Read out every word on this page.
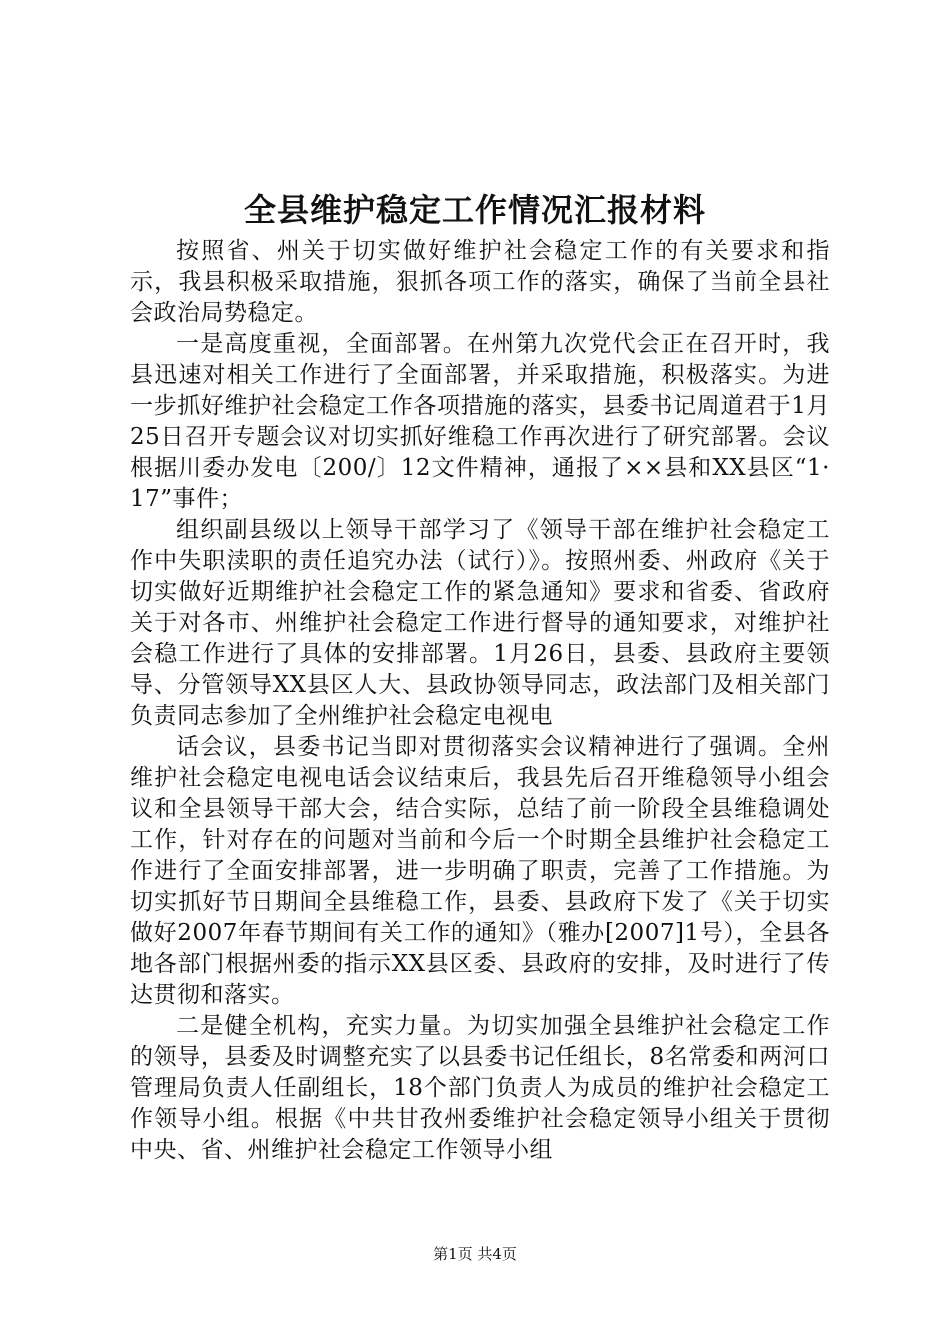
全县维护稳定工作情况汇报材料

按照省、州关于切实做好维护社会稳定工作的有关要求和指示，我县积极采取措施，狠抓各项工作的落实，确保了当前全县社会政治局势稳定。

一是高度重视，全面部署。在州第九次党代会正在召开时，我县迅速对相关工作进行了全面部署，并采取措施，积极落实。为进一步抓好维护社会稳定工作各项措施的落实，县委书记周道君于1月25日召开专题会议对切实抓好维稳工作再次进行了研究部署。会议根据川委办发电〔200/〕12文件精神，通报了××县和XX县区“1·17”事件；

组织副县级以上领导干部学习了《领导干部在维护社会稳定工作中失职渎职的责任追究办法（试行）》。按照州委、州政府《关于切实做好近期维护社会稳定工作的紧急通知》要求和省委、省政府关于对各市、州维护社会稳定工作进行督导的通知要求，对维护社会稳工作进行了具体的安排部署。1月26日，县委、县政府主要领导、分管领导XX县区人大、县政协领导同志，政法部门及相关部门负责同志参加了全州维护社会稳定电视电

话会议，县委书记当即对贯彻落实会议精神进行了强调。全州维护社会稳定电视电话会议结束后，我县先后召开维稳领导小组会议和全县领导干部大会，结合实际，总结了前一阶段全县维稳调处工作，针对存在的问题对当前和今后一个时期全县维护社会稳定工作进行了全面安排部署，进一步明确了职责，完善了工作措施。为切实抓好节日期间全县维稳工作，县委、县政府下发了《关于切实做好2007年春节期间有关工作的通知》（雅办[2007]1号），全县各地各部门根据州委的指示XX县区委、县政府的安排，及时进行了传达贯彻和落实。

二是健全机构，充实力量。为切实加强全县维护社会稳定工作的领导，县委及时调整充实了以县委书记任组长，8名常委和两河口管理局负责人任副组长，18个部门负责人为成员的维护社会稳定工作领导小组。根据《中共甘孜州委维护社会稳定领导小组关于贯彻中央、省、州维护社会稳定工作领导小组

第1页 共4页
